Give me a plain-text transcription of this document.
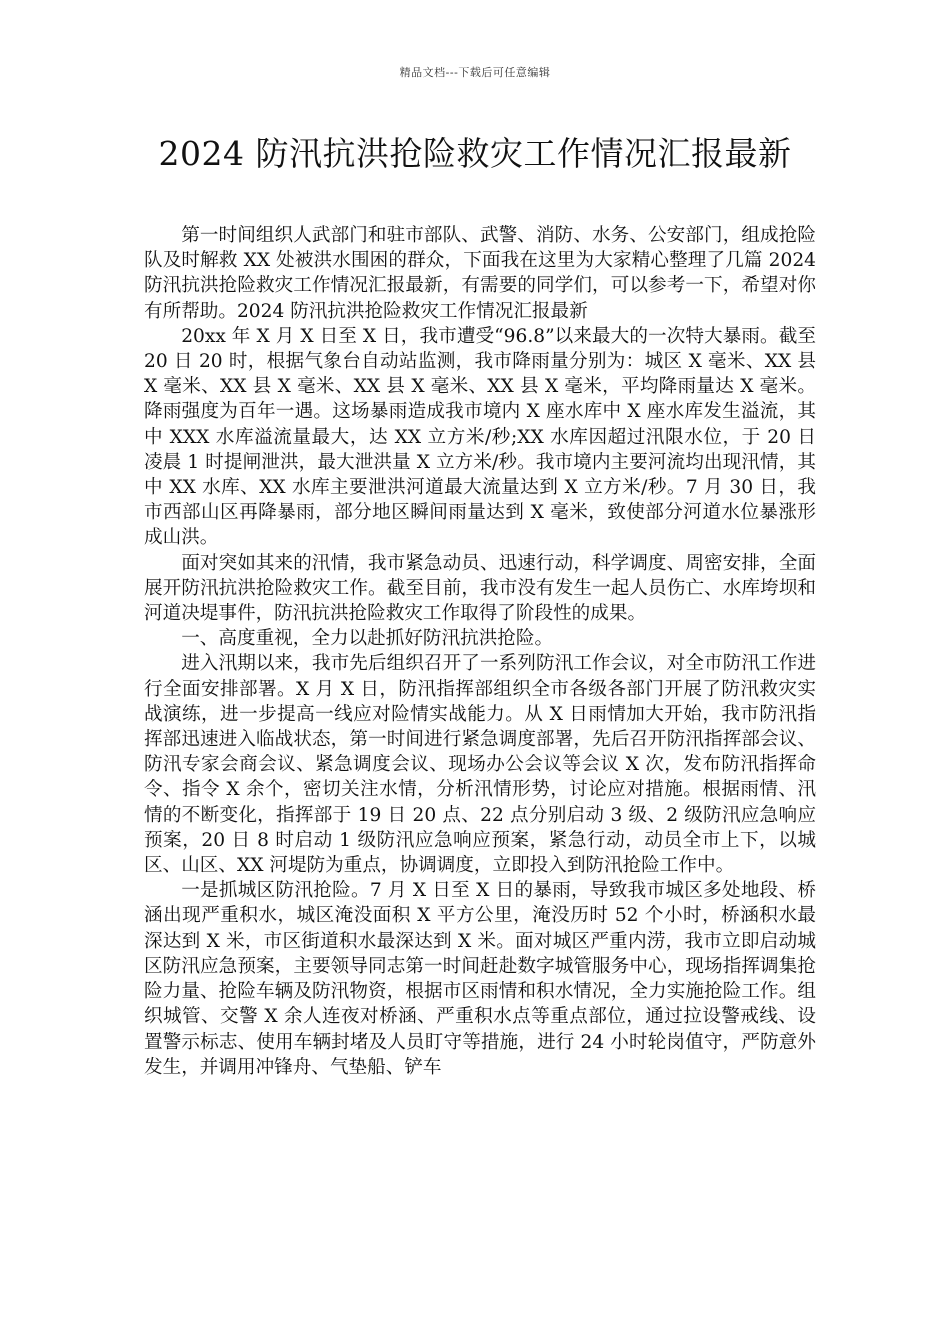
精品文档---下载后可任意编辑
2024 防汛抗洪抢险救灾工作情况汇报最新

第一时间组织人武部门和驻市部队、武警、消防、水务、公安部门，组成抢险队及时解救 XX 处被洪水围困的群众，下面我在这里为大家精心整理了几篇 2024 防汛抗洪抢险救灾工作情况汇报最新，有需要的同学们，可以参考一下，希望对你有所帮助。2024 防汛抗洪抢险救灾工作情况汇报最新

20xx 年 X 月 X 日至 X 日，我市遭受“96.8”以来最大的一次特大暴雨。截至 20 日 20 时，根据气象台自动站监测，我市降雨量分别为：城区 X 毫米、XX 县 X 毫米、XX 县 X 毫米、XX 县 X 毫米、XX 县 X 毫米，平均降雨量达 X 毫米。降雨强度为百年一遇。这场暴雨造成我市境内 X 座水库中 X 座水库发生溢流，其中 XXX 水库溢流量最大，达 XX 立方米/秒;XX 水库因超过汛限水位，于 20 日凌晨 1 时提闸泄洪，最大泄洪量 X 立方米/秒。我市境内主要河流均出现汛情，其中 XX 水库、XX 水库主要泄洪河道最大流量达到 X 立方米/秒。7 月 30 日，我市西部山区再降暴雨，部分地区瞬间雨量达到 X 毫米，致使部分河道水位暴涨形成山洪。

面对突如其来的汛情，我市紧急动员、迅速行动，科学调度、周密安排，全面展开防汛抗洪抢险救灾工作。截至目前，我市没有发生一起人员伤亡、水库垮坝和河道决堤事件，防汛抗洪抢险救灾工作取得了阶段性的成果。

一、高度重视，全力以赴抓好防汛抗洪抢险。

进入汛期以来，我市先后组织召开了一系列防汛工作会议，对全市防汛工作进行全面安排部署。X 月 X 日，防汛指挥部组织全市各级各部门开展了防汛救灾实战演练，进一步提高一线应对险情实战能力。从 X 日雨情加大开始，我市防汛指挥部迅速进入临战状态，第一时间进行紧急调度部署，先后召开防汛指挥部会议、防汛专家会商会议、紧急调度会议、现场办公会议等会议 X 次，发布防汛指挥命令、指令 X 余个，密切关注水情，分析汛情形势，讨论应对措施。根据雨情、汛情的不断变化，指挥部于 19 日 20 点、22 点分别启动 3 级、2 级防汛应急响应预案，20 日 8 时启动 1 级防汛应急响应预案，紧急行动，动员全市上下，以城区、山区、XX 河堤防为重点，协调调度，立即投入到防汛抢险工作中。

一是抓城区防汛抢险。7 月 X 日至 X 日的暴雨，导致我市城区多处地段、桥涵出现严重积水，城区淹没面积 X 平方公里，淹没历时 52 个小时，桥涵积水最深达到 X 米，市区街道积水最深达到 X 米。面对城区严重内涝，我市立即启动城区防汛应急预案，主要领导同志第一时间赶赴数字城管服务中心，现场指挥调集抢险力量、抢险车辆及防汛物资，根据市区雨情和积水情况，全力实施抢险工作。组织城管、交警 X 余人连夜对桥涵、严重积水点等重点部位，通过拉设警戒线、设置警示标志、使用车辆封堵及人员盯守等措施，进行 24 小时轮岗值守，严防意外发生，并调用冲锋舟、气垫船、铲车
